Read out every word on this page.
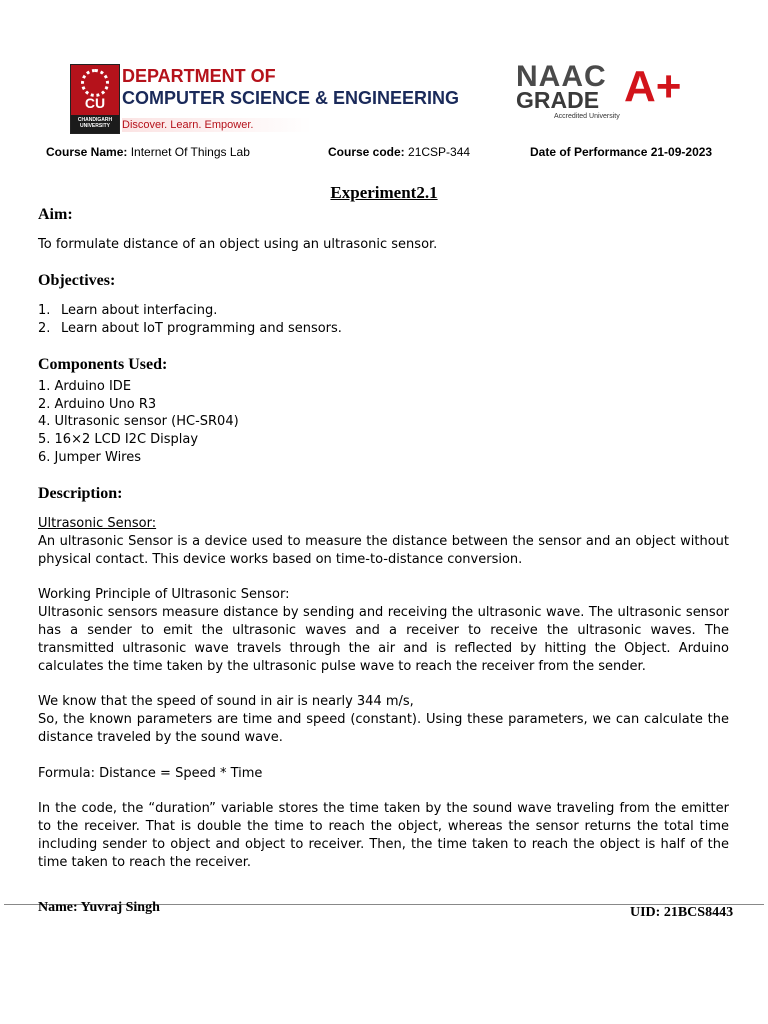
CU
CHANDIGARH UNIVERSITY
DEPARTMENT OF
COMPUTER SCIENCE & ENGINEERING
Discover. Learn. Empower.
NAAC
GRADE A+
Accredited University
Course Name: Internet Of Things Lab	Course code: 21CSP-344	Date of Performance 21-09-2023
Experiment2.1
Aim:
To formulate distance of an object using an ultrasonic sensor.
Objectives:
1. Learn about interfacing.
2. Learn about IoT programming and sensors.
Components Used:
1. Arduino IDE
2. Arduino Uno R3
4. Ultrasonic sensor (HC-SR04)
5. 16×2 LCD I2C Display
6. Jumper Wires
Description:
Ultrasonic Sensor:
An ultrasonic Sensor is a device used to measure the distance between the sensor and an object without physical contact. This device works based on time-to-distance conversion.
Working Principle of Ultrasonic Sensor:
Ultrasonic sensors measure distance by sending and receiving the ultrasonic wave. The ultrasonic sensor has a sender to emit the ultrasonic waves and a receiver to receive the ultrasonic waves. The transmitted ultrasonic wave travels through the air and is reflected by hitting the Object. Arduino calculates the time taken by the ultrasonic pulse wave to reach the receiver from the sender.
We know that the speed of sound in air is nearly 344 m/s,
So, the known parameters are time and speed (constant). Using these parameters, we can calculate the distance traveled by the sound wave.
Formula: Distance = Speed * Time
In the code, the “duration” variable stores the time taken by the sound wave traveling from the emitter to the receiver. That is double the time to reach the object, whereas the sensor returns the total time including sender to object and object to receiver. Then, the time taken to reach the object is half of the time taken to reach the receiver.
Name: Yuvraj Singh	UID: 21BCS8443
